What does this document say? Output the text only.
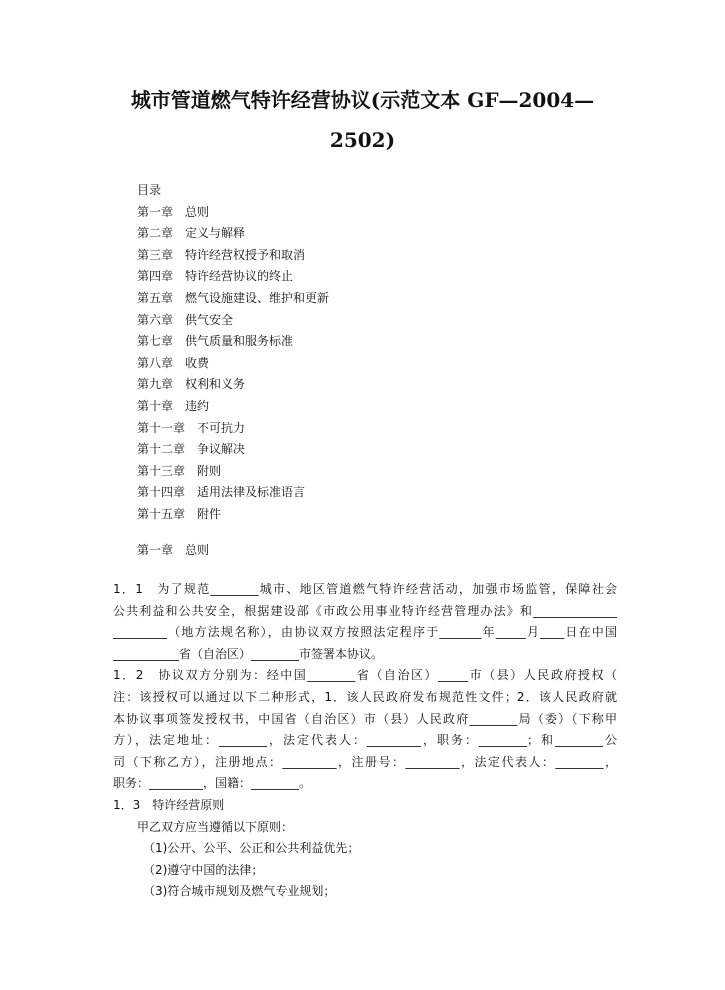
城市管道燃气特许经营协议(示范文本 GF—2004—
2502)
目录
第一章　总则
第二章　定义与解释
第三章　特许经营权授予和取消
第四章　特许经营协议的终止
第五章　燃气设施建设、维护和更新
第六章　供气安全
第七章　供气质量和服务标准
第八章　收费
第九章　权利和义务
第十章　违约
第十一章　不可抗力
第十二章　争议解决
第十三章　附则
第十四章　适用法律及标准语言
第十五章　附件
第一章　总则
1．1　为了规范________城市、地区管道燃气特许经营活动，加强市场监管，保障社会
公共利益和公共安全，根据建设部《市政公用事业特许经营管理办法》和______________
_________（地方法规名称），由协议双方按照法定程序于_______年_____月____日在中国
___________省（自治区）________市签署本协议。
1．2　协议双方分别为：经中国________省（自治区）_____市（县）人民政府授权（
注：该授权可以通过以下二种形式，1．该人民政府发布规范性文件；2．该人民政府就
本协议事项签发授权书，中国省（自治区）市（县）人民政府________局（委）（下称甲
方），法定地址：________，法定代表人：_________，职务：________；和________公
司（下称乙方），注册地点：_________，注册号：_________，法定代表人：________，
职务：_________，国籍：________。
1．3　特许经营原则
甲乙双方应当遵循以下原则：
（1)公开、公平、公正和公共利益优先；
（2)遵守中国的法律；
（3)符合城市规划及燃气专业规划；
